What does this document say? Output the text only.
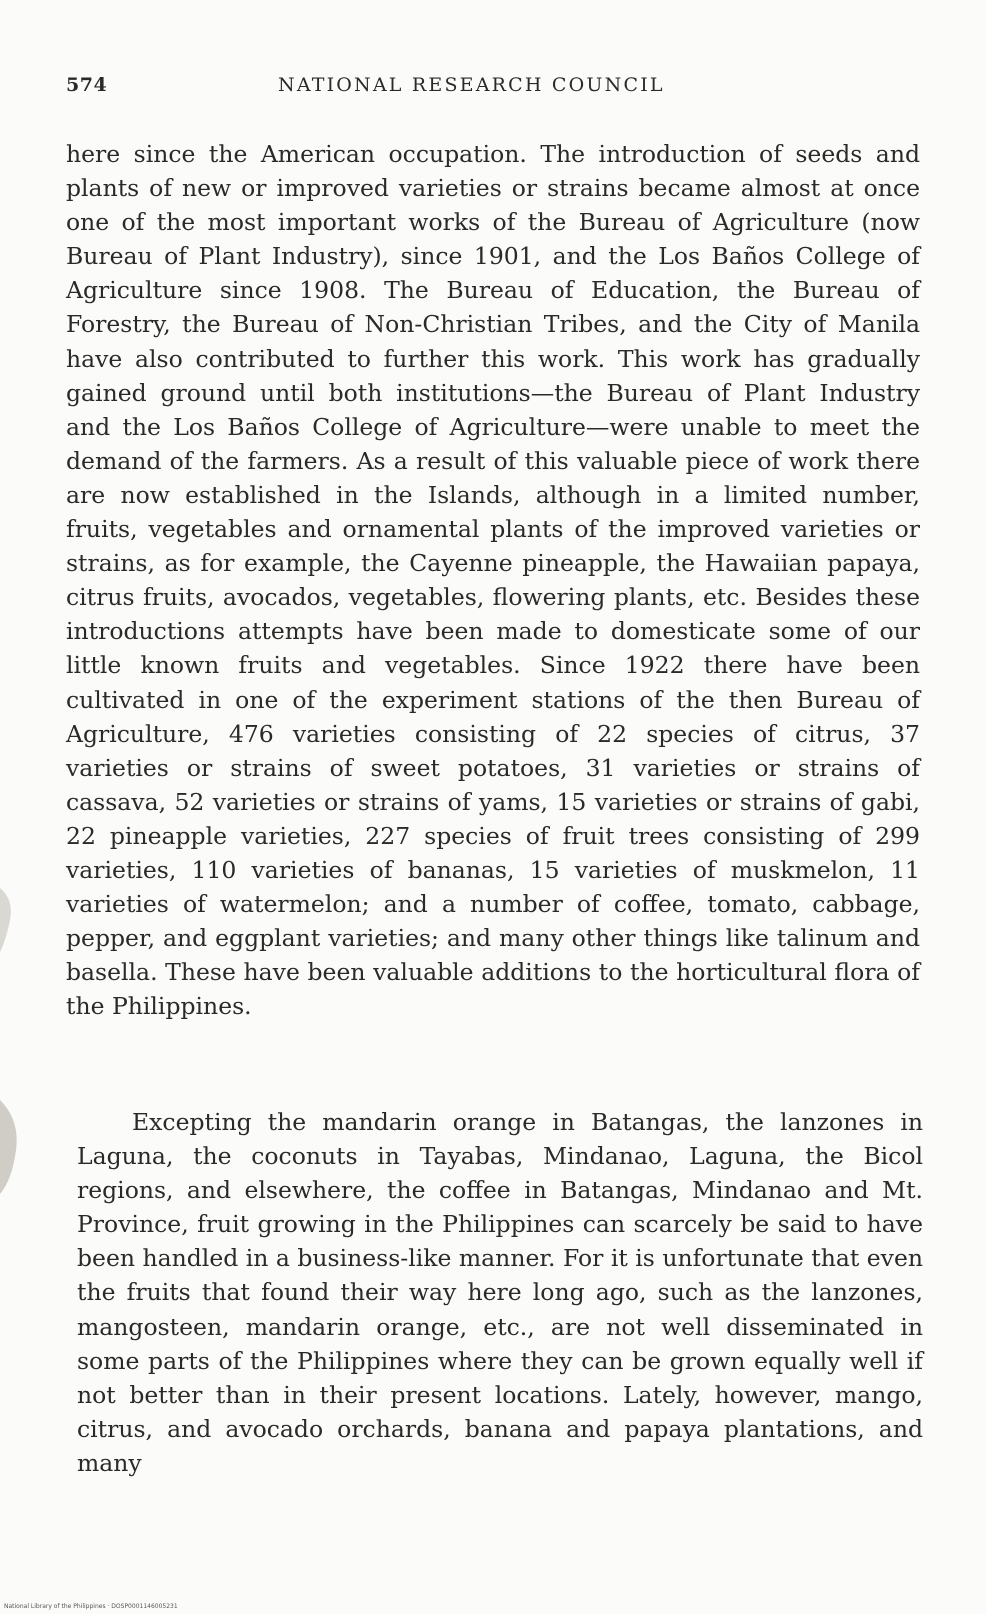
574	NATIONAL RESEARCH COUNCIL

here since the American occupation. The introduction of seeds and plants of new or improved varieties or strains became almost at once one of the most important works of the Bureau of Agriculture (now Bureau of Plant Industry), since 1901, and the Los Baños College of Agriculture since 1908. The Bureau of Education, the Bureau of Forestry, the Bureau of Non-Christian Tribes, and the City of Manila have also contributed to further this work. This work has gradually gained ground until both institutions—the Bureau of Plant Industry and the Los Baños College of Agriculture—were unable to meet the demand of the farmers. As a result of this valuable piece of work there are now established in the Islands, although in a limited number, fruits, vegetables and ornamental plants of the improved varieties or strains, as for example, the Cayenne pineapple, the Hawaiian papaya, citrus fruits, avocados, vegetables, flowering plants, etc. Besides these introductions attempts have been made to domesticate some of our little known fruits and vegetables. Since 1922 there have been cultivated in one of the experiment stations of the then Bureau of Agriculture, 476 varieties consisting of 22 species of citrus, 37 varieties or strains of sweet potatoes, 31 varieties or strains of cassava, 52 varieties or strains of yams, 15 varieties or strains of gabi, 22 pineapple varieties, 227 species of fruit trees consisting of 299 varieties, 110 varieties of bananas, 15 varieties of muskmelon, 11 varieties of watermelon; and a number of coffee, tomato, cabbage, pepper, and eggplant varieties; and many other things like talinum and basella. These have been valuable additions to the horticultural flora of the Philippines.

Excepting the mandarin orange in Batangas, the lanzones in Laguna, the coconuts in Tayabas, Mindanao, Laguna, the Bicol regions, and elsewhere, the coffee in Batangas, Mindanao and Mt. Province, fruit growing in the Philippines can scarcely be said to have been handled in a business-like manner. For it is unfortunate that even the fruits that found their way here long ago, such as the lanzones, mangosteen, mandarin orange, etc., are not well disseminated in some parts of the Philippines where they can be grown equally well if not better than in their present locations. Lately, however, mango, citrus, and avocado orchards, banana and papaya plantations, and many

National Library of the Philippines · DOSP0001146005231
